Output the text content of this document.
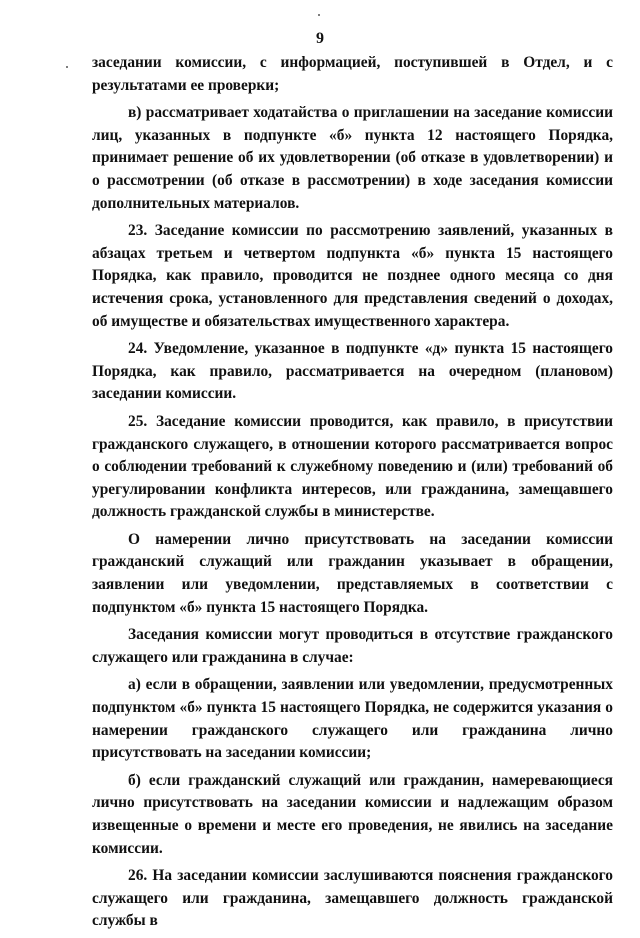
9

заседании комиссии, с информацией, поступившей в Отдел, и с результатами ее проверки;

в) рассматривает ходатайства о приглашении на заседание комиссии лиц, указанных в подпункте «б» пункта 12 настоящего Порядка, принимает решение об их удовлетворении (об отказе в удовлетворении) и о рассмотрении (об отказе в рассмотрении) в ходе заседания комиссии дополнительных материалов.

23. Заседание комиссии по рассмотрению заявлений, указанных в абзацах третьем и четвертом подпункта «б» пункта 15 настоящего Порядка, как правило, проводится не позднее одного месяца со дня истечения срока, установленного для представления сведений о доходах, об имуществе и обязательствах имущественного характера.

24. Уведомление, указанное в подпункте «д» пункта 15 настоящего Порядка, как правило, рассматривается на очередном (плановом) заседании комиссии.

25. Заседание комиссии проводится, как правило, в присутствии гражданского служащего, в отношении которого рассматривается вопрос о соблюдении требований к служебному поведению и (или) требований об урегулировании конфликта интересов, или гражданина, замещавшего должность гражданской службы в министерстве.

О намерении лично присутствовать на заседании комиссии гражданский служащий или гражданин указывает в обращении, заявлении или уведомлении, представляемых в соответствии с подпунктом «б» пункта 15 настоящего Порядка.

Заседания комиссии могут проводиться в отсутствие гражданского служащего или гражданина в случае:

а) если в обращении, заявлении или уведомлении, предусмотренных подпунктом «б» пункта 15 настоящего Порядка, не содержится указания о намерении гражданского служащего или гражданина лично присутствовать на заседании комиссии;

б) если гражданский служащий или гражданин, намеревающиеся лично присутствовать на заседании комиссии и надлежащим образом извещенные о времени и месте его проведения, не явились на заседание комиссии.

26. На заседании комиссии заслушиваются пояснения гражданского служащего или гражданина, замещавшего должность гражданской службы в
